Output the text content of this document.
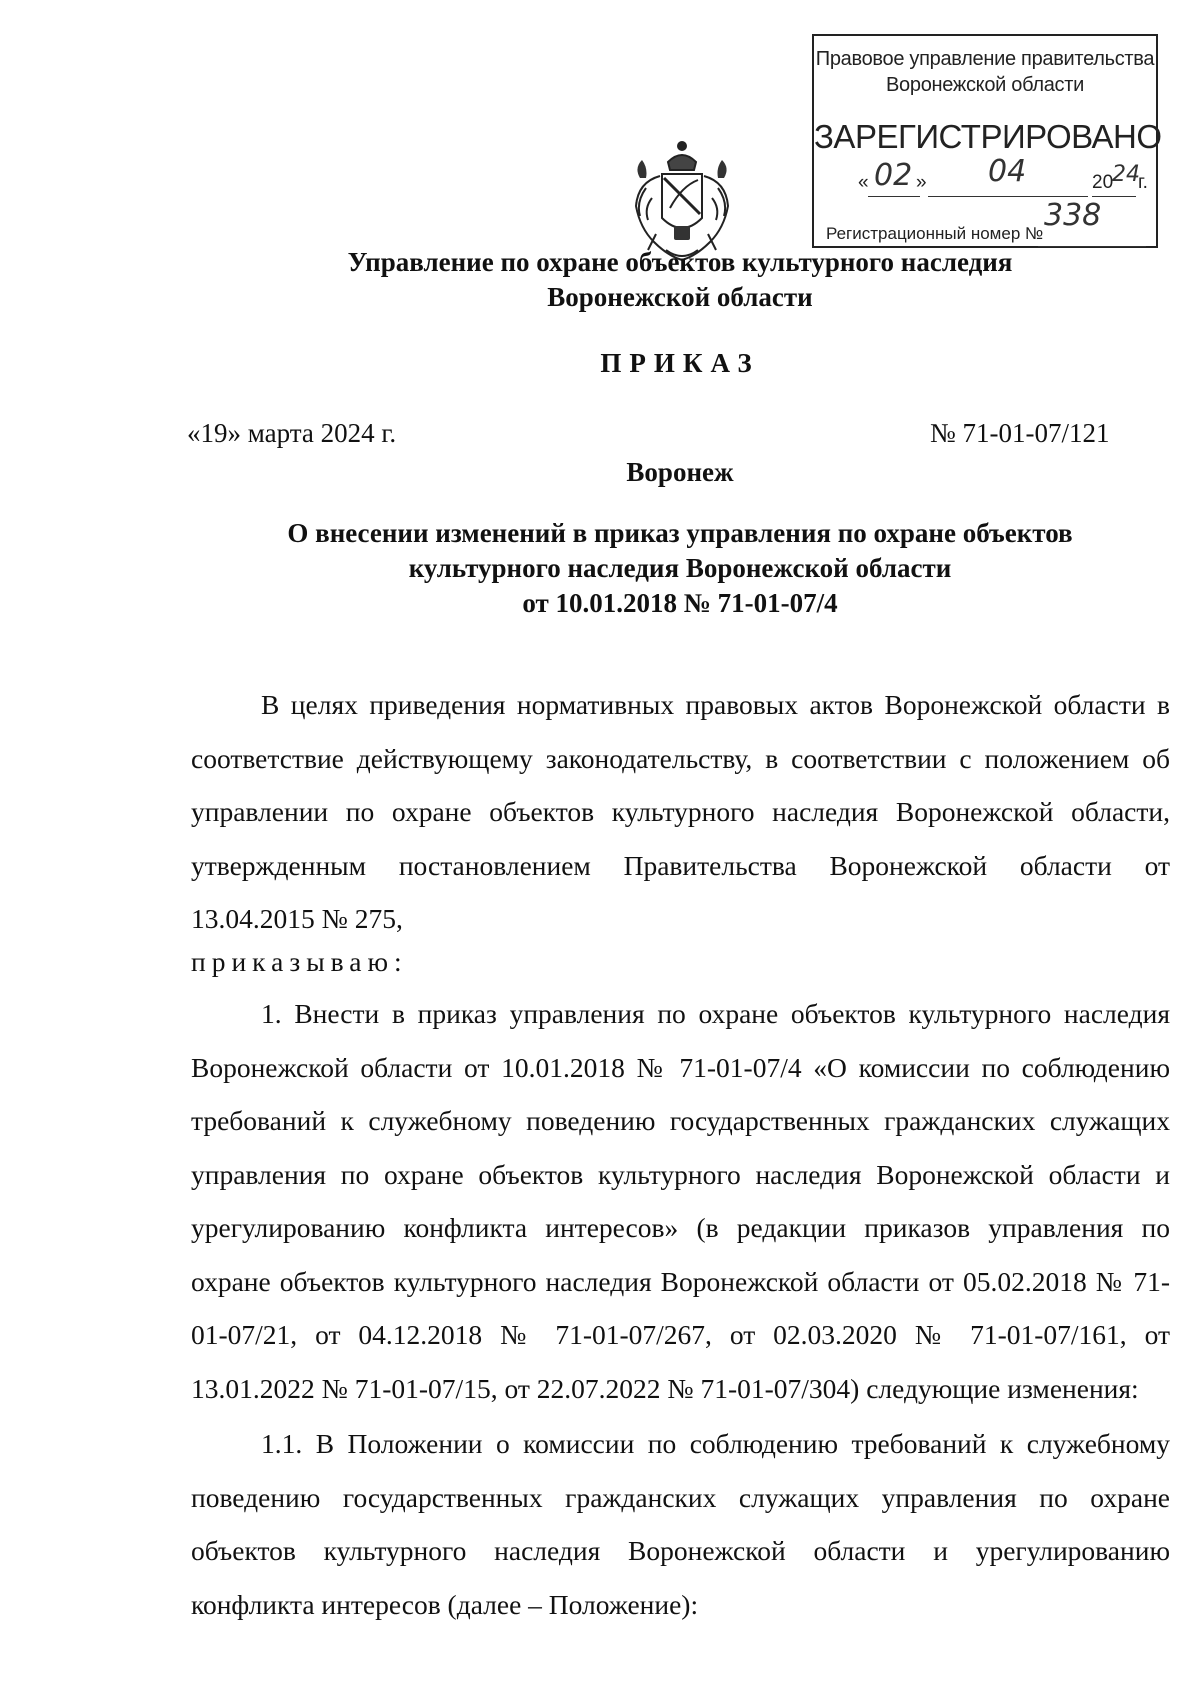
Правовое управление правительства
Воронежской области
ЗАРЕГИСТРИРОВАНО
« 02 » 04	20
24
г.
Регистрационный номер №
338
Управление по охране объектов культурного наследия
Воронежской области
ПРИКАЗ
«19» марта 2024 г.	№ 71-01-07/121
Воронеж
О внесении изменений в приказ управления по охране объектов
культурного наследия Воронежской области
от 10.01.2018 № 71-01-07/4
В целях приведения нормативных правовых актов Воронежской области в соответствие действующему законодательству, в соответствии с положением об управлении по охране объектов культурного наследия Воронежской области, утвержденным постановлением Правительства Воронежской области от 13.04.2015 № 275,
приказываю:
1. Внести в приказ управления по охране объектов культурного наследия Воронежской области от 10.01.2018 № 71-01-07/4 «О комиссии по соблюдению требований к служебному поведению государственных гражданских служащих управления по охране объектов культурного наследия Воронежской области и урегулированию конфликта интересов» (в редакции приказов управления по охране объектов культурного наследия Воронежской области от 05.02.2018 № 71-01-07/21, от 04.12.2018 № 71-01-07/267, от 02.03.2020 № 71-01-07/161, от 13.01.2022 № 71-01-07/15, от 22.07.2022 № 71-01-07/304) следующие изменения:
1.1. В Положении о комиссии по соблюдению требований к служебному поведению государственных гражданских служащих управления по охране объектов культурного наследия Воронежской области и урегулированию конфликта интересов (далее – Положение):
